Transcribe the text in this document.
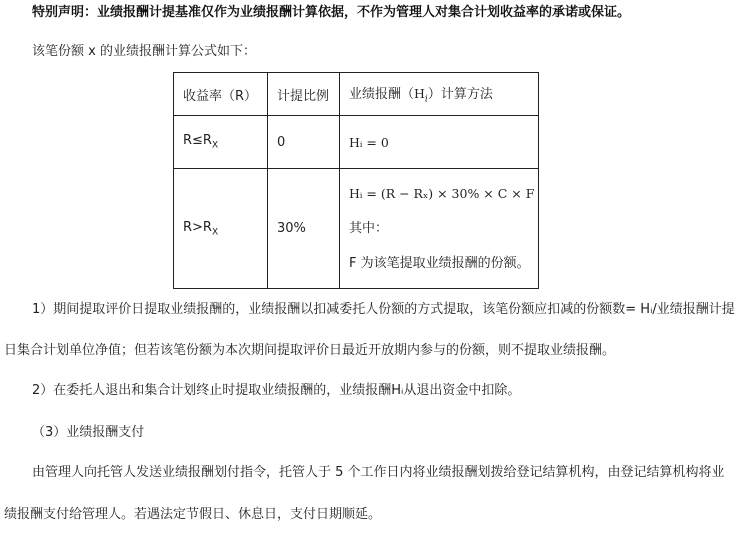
特别声明：业绩报酬计提基准仅作为业绩报酬计算依据，不作为管理人对集合计划收益率的承诺或保证。
该笔份额 x 的业绩报酬计算公式如下：
收益率（R）	计提比例	业绩报酬$(H_i)$计算方法
$R\le R_X$	0	Hᵢ = 0
$R>R_X$	30%	Hᵢ = (R − Rₓ) × 30% × C × F
其中：
F 为该笔提取业绩报酬的份额。
1）期间提取评价日提取业绩报酬的，业绩报酬以扣减委托人份额的方式提取，该笔份额应扣减的份额数= Hᵢ/业绩报酬计提
日集合计划单位净值；但若该笔份额为本次期间提取评价日最近开放期内参与的份额，则不提取业绩报酬。
2）在委托人退出和集合计划终止时提取业绩报酬的，业绩报酬Hᵢ从退出资金中扣除。
（3）业绩报酬支付
由管理人向托管人发送业绩报酬划付指令，托管人于 5 个工作日内将业绩报酬划拨给登记结算机构，由登记结算机构将业
绩报酬支付给管理人。若遇法定节假日、休息日，支付日期顺延。
